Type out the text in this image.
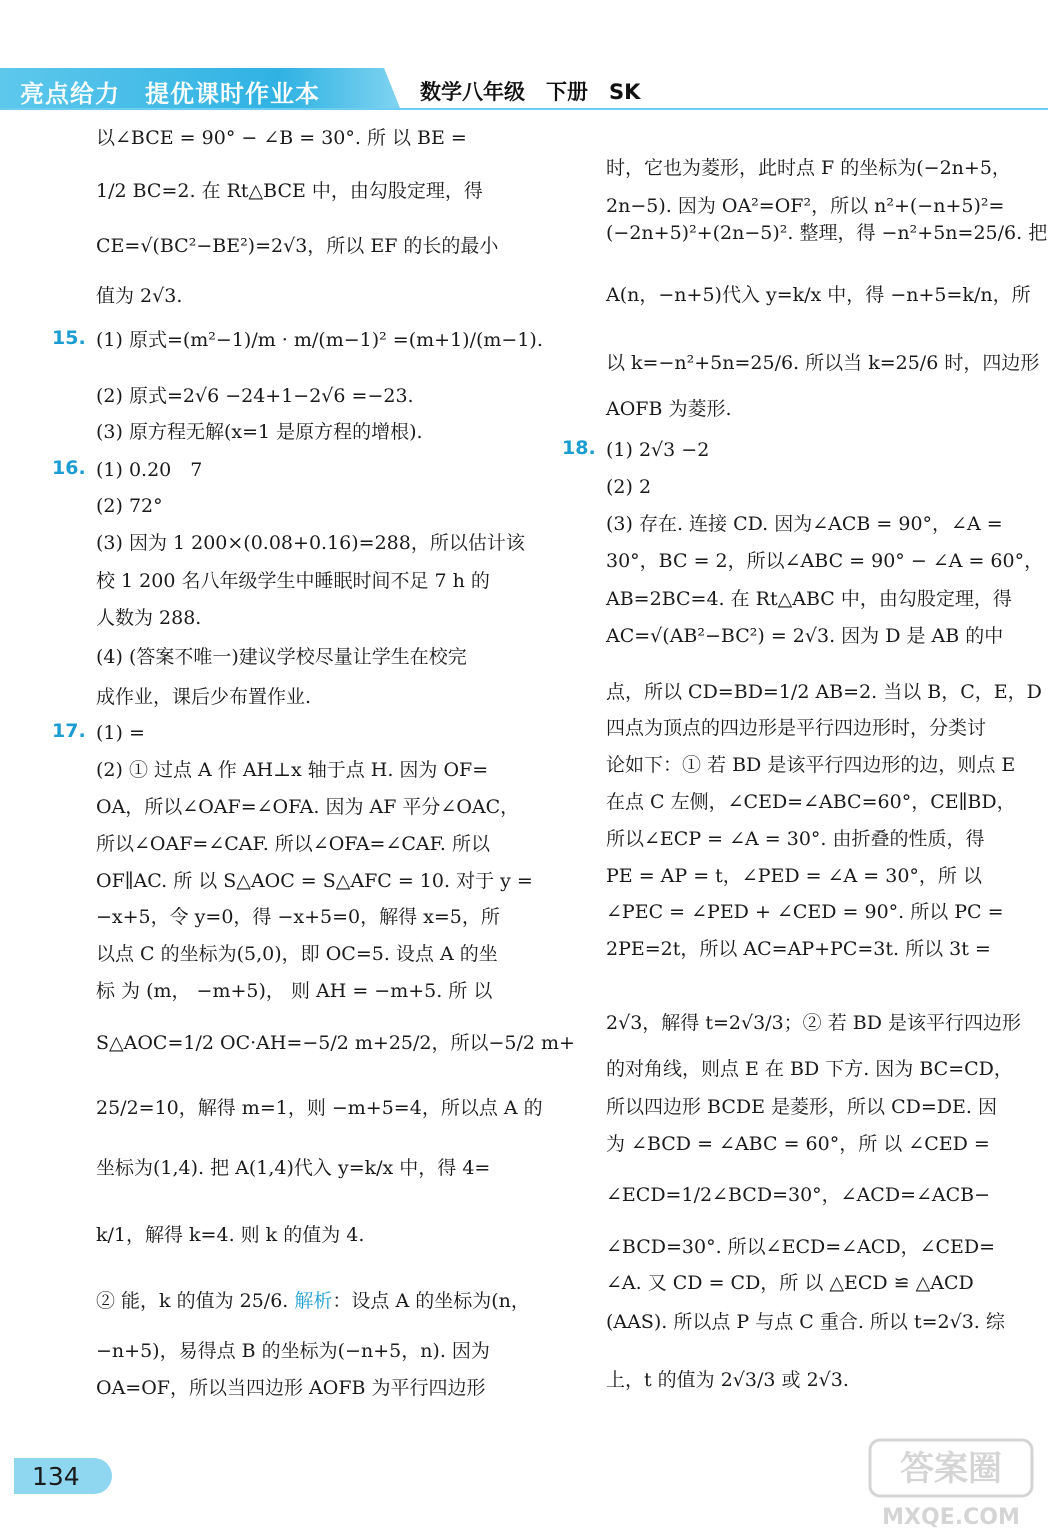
亮点给力　提优课时作业本	数学八年级　下册　SK
以∠BCE = 90° − ∠B = 30°. 所 以 BE =
1/2 BC=2. 在 Rt△BCE 中，由勾股定理，得
CE=√(BC²−BE²)=2√3，所以 EF 的长的最小
值为 2√3.
15. (1) 原式=(m²−1)/m · m/(m−1)² =(m+1)/(m−1).
(2) 原式=2√6 −24+1−2√6 =−23.
(3) 原方程无解(x=1 是原方程的增根).
16. (1) 0.20　7
(2) 72°
(3) 因为 1 200×(0.08+0.16)=288，所以估计该
校 1 200 名八年级学生中睡眠时间不足 7 h 的
人数为 288.
(4) (答案不唯一)建议学校尽量让学生在校完
成作业，课后少布置作业.
17. (1) =
(2) ① 过点 A 作 AH⊥x 轴于点 H. 因为 OF=
OA，所以∠OAF=∠OFA. 因为 AF 平分∠OAC，
所以∠OAF=∠CAF. 所以∠OFA=∠CAF. 所以
OF∥AC. 所 以 S△AOC = S△AFC = 10. 对于 y =
−x+5，令 y=0，得 −x+5=0，解得 x=5，所
以点 C 的坐标为(5,0)，即 OC=5. 设点 A 的坐
标 为 (m， −m+5)， 则 AH = −m+5. 所 以
S△AOC=1/2 OC·AH=−5/2 m+25/2，所以−5/2 m+
25/2=10，解得 m=1，则 −m+5=4，所以点 A 的
坐标为(1,4). 把 A(1,4)代入 y=k/x 中，得 4=
k/1，解得 k=4. 则 k 的值为 4.
② 能，k 的值为 25/6. 解析：设点 A 的坐标为(n，
−n+5)，易得点 B 的坐标为(−n+5，n). 因为
OA=OF，所以当四边形 AOFB 为平行四边形
时，它也为菱形，此时点 F 的坐标为(−2n+5，
2n−5). 因为 OA²=OF²，所以 n²+(−n+5)²=
(−2n+5)²+(2n−5)². 整理，得 −n²+5n=25/6. 把
A(n，−n+5)代入 y=k/x 中，得 −n+5=k/n，所
以 k=−n²+5n=25/6. 所以当 k=25/6 时，四边形
AOFB 为菱形.
18. (1) 2√3 −2
(2) 2
(3) 存在. 连接 CD. 因为∠ACB = 90°，∠A =
30°，BC = 2，所以∠ABC = 90° − ∠A = 60°，
AB=2BC=4. 在 Rt△ABC 中，由勾股定理，得
AC=√(AB²−BC²) = 2√3. 因为 D 是 AB 的中
点，所以 CD=BD=1/2 AB=2. 当以 B，C，E，D
四点为顶点的四边形是平行四边形时，分类讨
论如下：① 若 BD 是该平行四边形的边，则点 E
在点 C 左侧，∠CED=∠ABC=60°，CE∥BD，
所以∠ECP = ∠A = 30°. 由折叠的性质，得
PE = AP = t，∠PED = ∠A = 30°，所 以
∠PEC = ∠PED + ∠CED = 90°. 所以 PC =
2PE=2t，所以 AC=AP+PC=3t. 所以 3t =
2√3，解得 t=2√3/3；② 若 BD 是该平行四边形
的对角线，则点 E 在 BD 下方. 因为 BC=CD，
所以四边形 BCDE 是菱形，所以 CD=DE. 因
为 ∠BCD = ∠ABC = 60°，所 以 ∠CED =
∠ECD=1/2∠BCD=30°，∠ACD=∠ACB−
∠BCD=30°. 所以∠ECD=∠ACD，∠CED=
∠A. 又 CD = CD，所 以 △ECD ≌ △ACD
(AAS). 所以点 P 与点 C 重合. 所以 t=2√3. 综
上，t 的值为 2√3/3 或 2√3.
134	答案圈
MXQE.COM
